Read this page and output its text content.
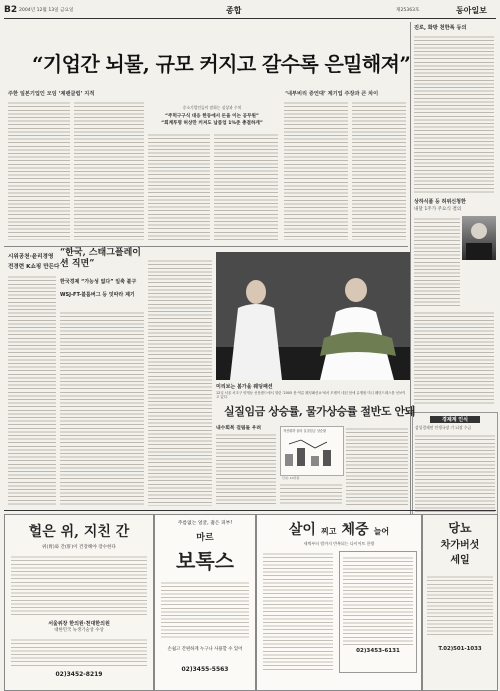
B2 2004년 12월 13일 금요일	종합	제25363호	동아일보
“기업간 뇌물, 규모 커지고 갈수록 은밀해져”
주한 일본기업인 모임 ‘제팬클럽’ 지적
중소기업인들이 말하는 실상과 수치
“주먹구구식 대응 한동에서 돈을 이는 공무원”
“회계투명 허상만 커져도 납품업 1%준 총결하게”
‘내부비리 증언대’ 계기업 주장과 큰 차이
진로, 화방 천한폭 등의
상하식품 등 허위신청한
내달 1주가 주요식 결의
경제계 인식
삼성경제연 인생국장 기 뇌장 수급
시위공천·윤리경영
전경련 K쇼핑 만든다
“한국, 스태그플레이션 직면”
한국경제 “가능성 없다” 일축 불구
WSJ-FT-블룸버그 등 잇따라 제기
미리보는 봄가을 웨딩패션
12일 서울 서초구 양재동 선풍랜드에서 열린 ‘2005 봄·여름 웨딩패션쇼’에서 모델이 내년 봄에 유행할 미니 웨딩드레스를 선보이고 있다.
실질임금 상승률, 물가상승률 절반도 안돼
내수회복 걸림돌 우려	자산취하 올라 실질임금 상승률
단위: 10만원
헐은 위, 지친 간
위(胃)와 간(肝)이 건강해야 장수한다
서울위장 한의원·천대한의원
대한민국 녹생기술상 수상
02)3452-8219
주름없는 얼굴, 젊은 피부!
마르
보톡스
손쉽고 간편하게 누구나 사용할 수 있어
02)3455-5563
살이 찌고 체중 늘어
새벽부터 밤까지 반복되는 다이어트 한방
02)3453-6131
당뇨
차가버섯
세일
T.02)501-1033
